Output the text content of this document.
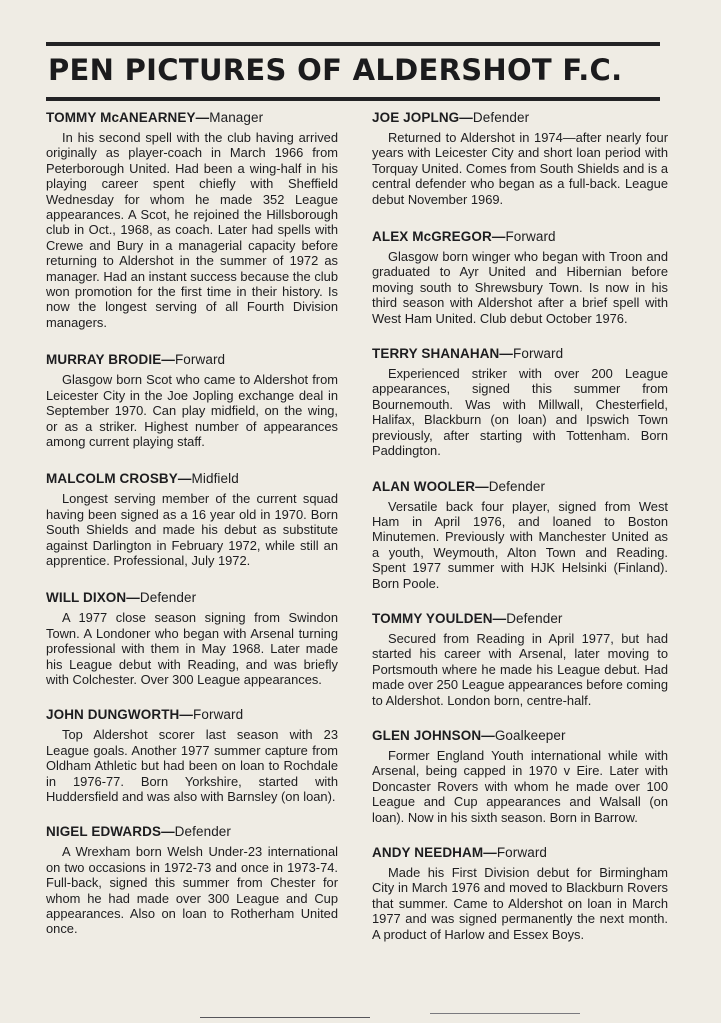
PEN PICTURES OF ALDERSHOT F.C.
TOMMY McANEARNEY—Manager

In his second spell with the club having arrived originally as player-coach in March 1966 from Peterborough United. Had been a wing-half in his playing career spent chiefly with Sheffield Wednesday for whom he made 352 League appearances. A Scot, he rejoined the Hillsborough club in Oct., 1968, as coach. Later had spells with Crewe and Bury in a managerial capacity before returning to Aldershot in the summer of 1972 as manager. Had an instant success because the club won promotion for the first time in their history. Is now the longest serving of all Fourth Division managers.

MURRAY BRODIE—Forward

Glasgow born Scot who came to Aldershot from Leicester City in the Joe Jopling exchange deal in September 1970. Can play midfield, on the wing, or as a striker. Highest number of appearances among current playing staff.

MALCOLM CROSBY—Midfield

Longest serving member of the current squad having been signed as a 16 year old in 1970. Born South Shields and made his debut as substitute against Darlington in February 1972, while still an apprentice. Professional, July 1972.

WILL DIXON—Defender

A 1977 close season signing from Swindon Town. A Londoner who began with Arsenal turning professional with them in May 1968. Later made his League debut with Reading, and was briefly with Colchester. Over 300 League appearances.

JOHN DUNGWORTH—Forward

Top Aldershot scorer last season with 23 League goals. Another 1977 summer capture from Oldham Athletic but had been on loan to Rochdale in 1976-77. Born Yorkshire, started with Huddersfield and was also with Barnsley (on loan).

NIGEL EDWARDS—Defender

A Wrexham born Welsh Under-23 international on two occasions in 1972-73 and once in 1973-74. Full-back, signed this summer from Chester for whom he had made over 300 League and Cup appearances. Also on loan to Rotherham United once.

JOE JOPLNG—Defender

Returned to Aldershot in 1974—after nearly four years with Leicester City and short loan period with Torquay United. Comes from South Shields and is a central defender who began as a full-back. League debut November 1969.

ALEX McGREGOR—Forward

Glasgow born winger who began with Troon and graduated to Ayr United and Hibernian before moving south to Shrewsbury Town. Is now in his third season with Aldershot after a brief spell with West Ham United. Club debut October 1976.

TERRY SHANAHAN—Forward

Experienced striker with over 200 League appearances, signed this summer from Bournemouth. Was with Millwall, Chesterfield, Halifax, Blackburn (on loan) and Ipswich Town previously, after starting with Tottenham. Born Paddington.

ALAN WOOLER—Defender

Versatile back four player, signed from West Ham in April 1976, and loaned to Boston Minutemen. Previously with Manchester United as a youth, Weymouth, Alton Town and Reading. Spent 1977 summer with HJK Helsinki (Finland). Born Poole.

TOMMY YOULDEN—Defender

Secured from Reading in April 1977, but had started his career with Arsenal, later moving to Portsmouth where he made his League debut. Had made over 250 League appearances before coming to Aldershot. London born, centre-half.

GLEN JOHNSON—Goalkeeper

Former England Youth international while with Arsenal, being capped in 1970 v Eire. Later with Doncaster Rovers with whom he made over 100 League and Cup appearances and Walsall (on loan). Now in his sixth season. Born in Barrow.

ANDY NEEDHAM—Forward

Made his First Division debut for Birmingham City in March 1976 and moved to Blackburn Rovers that summer. Came to Aldershot on loan in March 1977 and was signed permanently the next month. A product of Harlow and Essex Boys.
